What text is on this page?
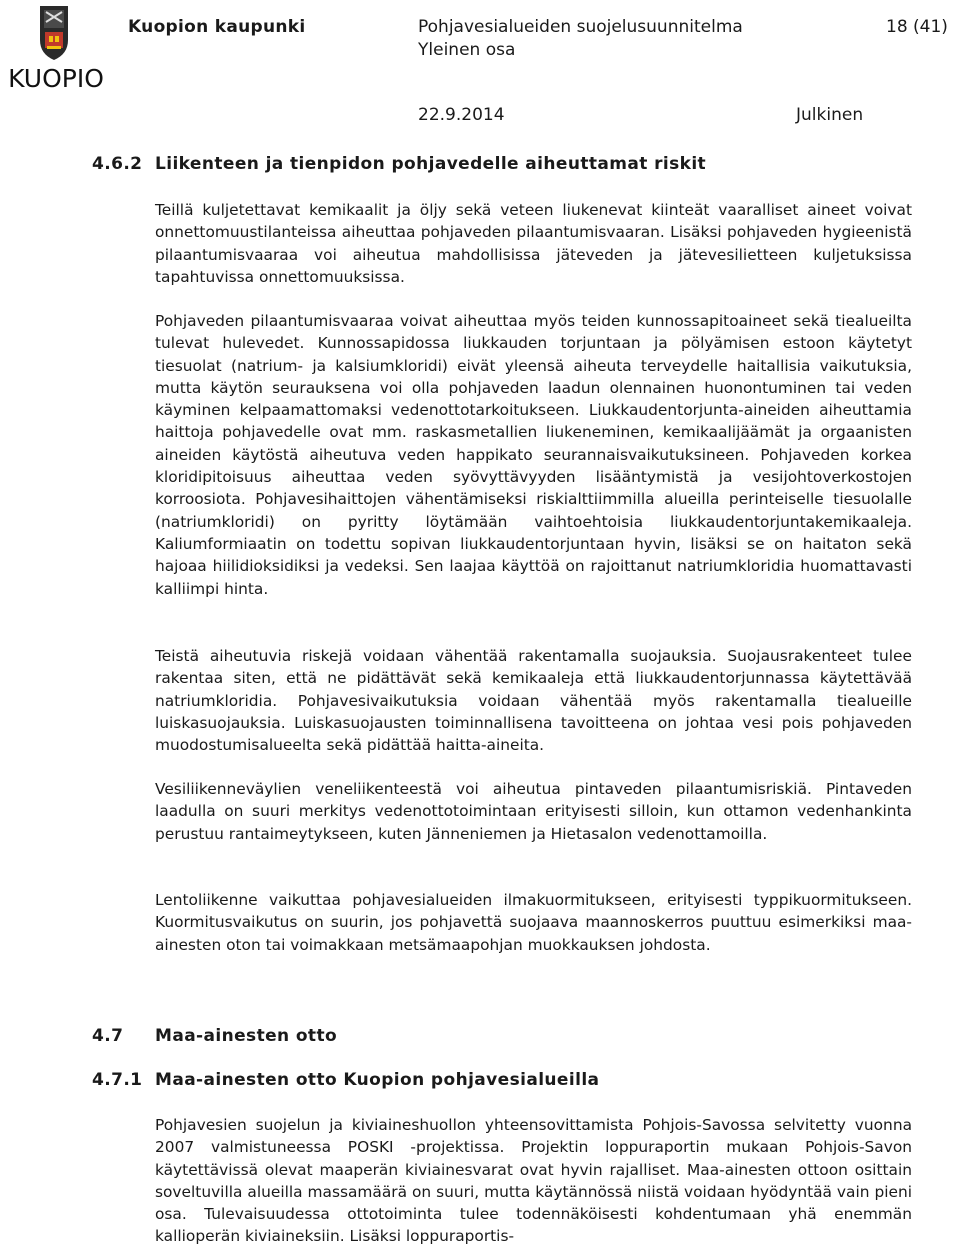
KUOPIO
Kuopion kaupunki	Pohjavesialueiden suojelusuunnitelma
Yleinen osa
18 (41)
22.9.2014	Julkinen
4.6.2 Liikenteen ja tienpidon pohjavedelle aiheuttamat riskit

Teillä kuljetettavat kemikaalit ja öljy sekä veteen liukenevat kiinteät vaaralliset aineet voivat onnettomuustilanteissa aiheuttaa pohjaveden pilaantumisvaaran. Lisäksi pohjaveden hygieenistä pilaantumisvaaraa voi aiheutua mahdollisissa jäteveden ja jätevesilietteen kuljetuksissa tapahtuvissa onnettomuuksissa.

Pohjaveden pilaantumisvaaraa voivat aiheuttaa myös teiden kunnossapitoaineet sekä tiealueilta tulevat hulevedet. Kunnossapidossa liukkauden torjuntaan ja pölyämisen estoon käytetyt tiesuolat (natrium- ja kalsiumkloridi) eivät yleensä aiheuta terveydelle haitallisia vaikutuksia, mutta käytön seurauksena voi olla pohjaveden laadun olennainen huonontuminen tai veden käyminen kelpaamattomaksi vedenottotarkoitukseen. Liukkaudentorjunta-aineiden aiheuttamia haittoja pohjavedelle ovat mm. raskasmetallien liukeneminen, kemikaalijäämät ja orgaanisten aineiden käytöstä aiheutuva veden happikato seurannaisvaikutuksineen. Pohjaveden korkea kloridipitoisuus aiheuttaa veden syövyttävyyden lisääntymistä ja vesijohtoverkostojen korroosiota. Pohjavesihaittojen vähentämiseksi riskialttiimmilla alueilla perinteiselle tiesuolalle (natriumkloridi) on pyritty löytämään vaihtoehtoisia liukkaudentorjuntakemikaaleja. Kaliumformiaatin on todettu sopivan liukkaudentorjuntaan hyvin, lisäksi se on haitaton sekä hajoaa hiilidioksidiksi ja vedeksi. Sen laajaa käyttöä on rajoittanut natriumkloridia huomattavasti kalliimpi hinta.

Teistä aiheutuvia riskejä voidaan vähentää rakentamalla suojauksia. Suojausrakenteet tulee rakentaa siten, että ne pidättävät sekä kemikaaleja että liukkaudentorjunnassa käytettävää natriumkloridia. Pohjavesivaikutuksia voidaan vähentää myös rakentamalla tiealueille luiskasuojauksia. Luiskasuojausten toiminnallisena tavoitteena on johtaa vesi pois pohjaveden muodostumisalueelta sekä pidättää haitta-aineita.

Vesiliikenneväylien veneliikenteestä voi aiheutua pintaveden pilaantumisriskiä. Pintaveden laadulla on suuri merkitys vedenottotoimintaan erityisesti silloin, kun ottamon vedenhankinta perustuu rantaimeytykseen, kuten Jänneniemen ja Hietasalon vedenottamoilla.

Lentoliikenne vaikuttaa pohjavesialueiden ilmakuormitukseen, erityisesti typpikuormitukseen. Kuormitusvaikutus on suurin, jos pohjavettä suojaava maannoskerros puuttuu esimerkiksi maa-ainesten oton tai voimakkaan metsämaapohjan muokkauksen johdosta.

4.7 Maa-ainesten otto
4.7.1 Maa-ainesten otto Kuopion pohjavesialueilla

Pohjavesien suojelun ja kiviaineshuollon yhteensovittamista Pohjois-Savossa selvitetty vuonna 2007 valmistuneessa POSKI -projektissa. Projektin loppuraportin mukaan Pohjois-Savon käytettävissä olevat maaperän kiviainesvarat ovat hyvin rajalliset. Maa-ainesten ottoon osittain soveltuvilla alueilla massamäärä on suuri, mutta käytännössä niistä voidaan hyödyntää vain pieni osa. Tulevaisuudessa ottotoiminta tulee todennäköisesti kohdentumaan yhä enemmän kallioperän kiviaineksiin. Lisäksi loppuraportis-
